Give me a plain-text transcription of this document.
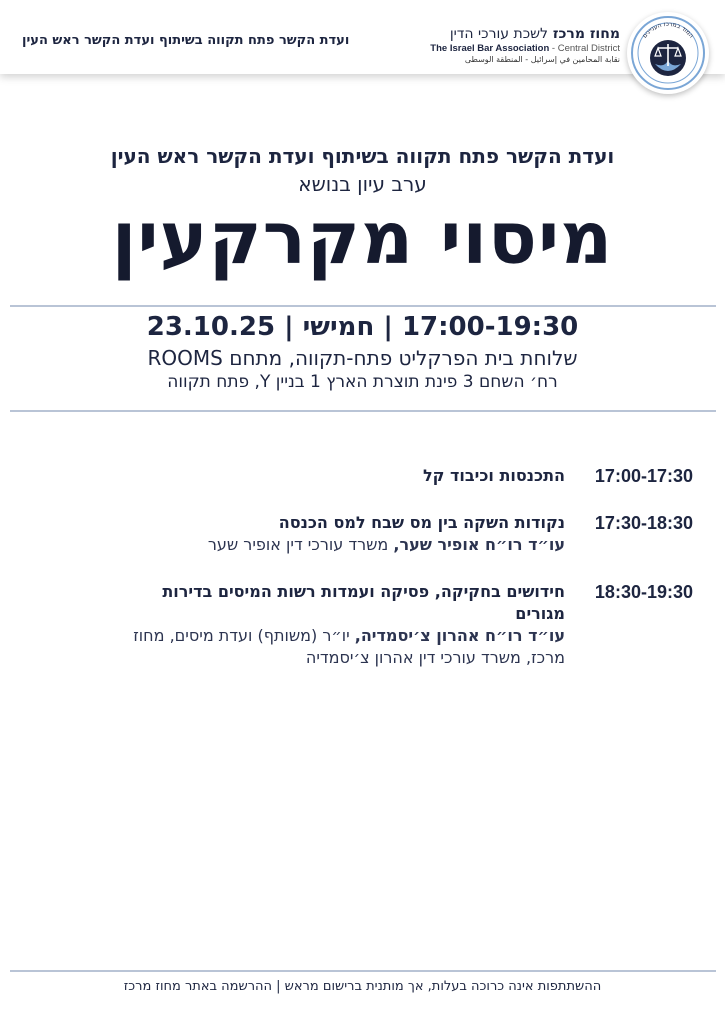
ועדת הקשר פתח תקווה בשיתוף ועדת הקשר ראש העין	מחוז מרכז לשכת עורכי הדין
The Israel Bar Association - Central District
نقابة المحامين في إسرائيل - المنطقة الوسطى
המוד במרכז העניינים
ועדת הקשר פתח תקווה בשיתוף ועדת הקשר ראש העין
ערב עיון בנושא
מיסוי מקרקעין
17:00-19:30 | חמישי | 23.10.25
שלוחת בית הפרקליט פתח-תקווה, מתחם ROOMS
רח׳ השחם 3 פינת תוצרת הארץ 1 בניין Y, פתח תקווה
17:00-17:30
התכנסות וכיבוד קל
17:30-18:30
נקודות השקה בין מס שבח למס הכנסה
עו״ד רו״ח אופיר שער, משרד עורכי דין אופיר שער
18:30-19:30
חידושים בחקיקה, פסיקה ועמדות רשות המיסים בדירות מגורים
עו״ד רו״ח אהרון צ׳יסמדיה, יו״ר (משותף) ועדת מיסים, מחוז מרכז, משרד עורכי דין אהרון צ׳יסמדיה
ההשתתפות אינה כרוכה בעלות, אך מותנית ברישום מראש | ההרשמה באתר מחוז מרכז
